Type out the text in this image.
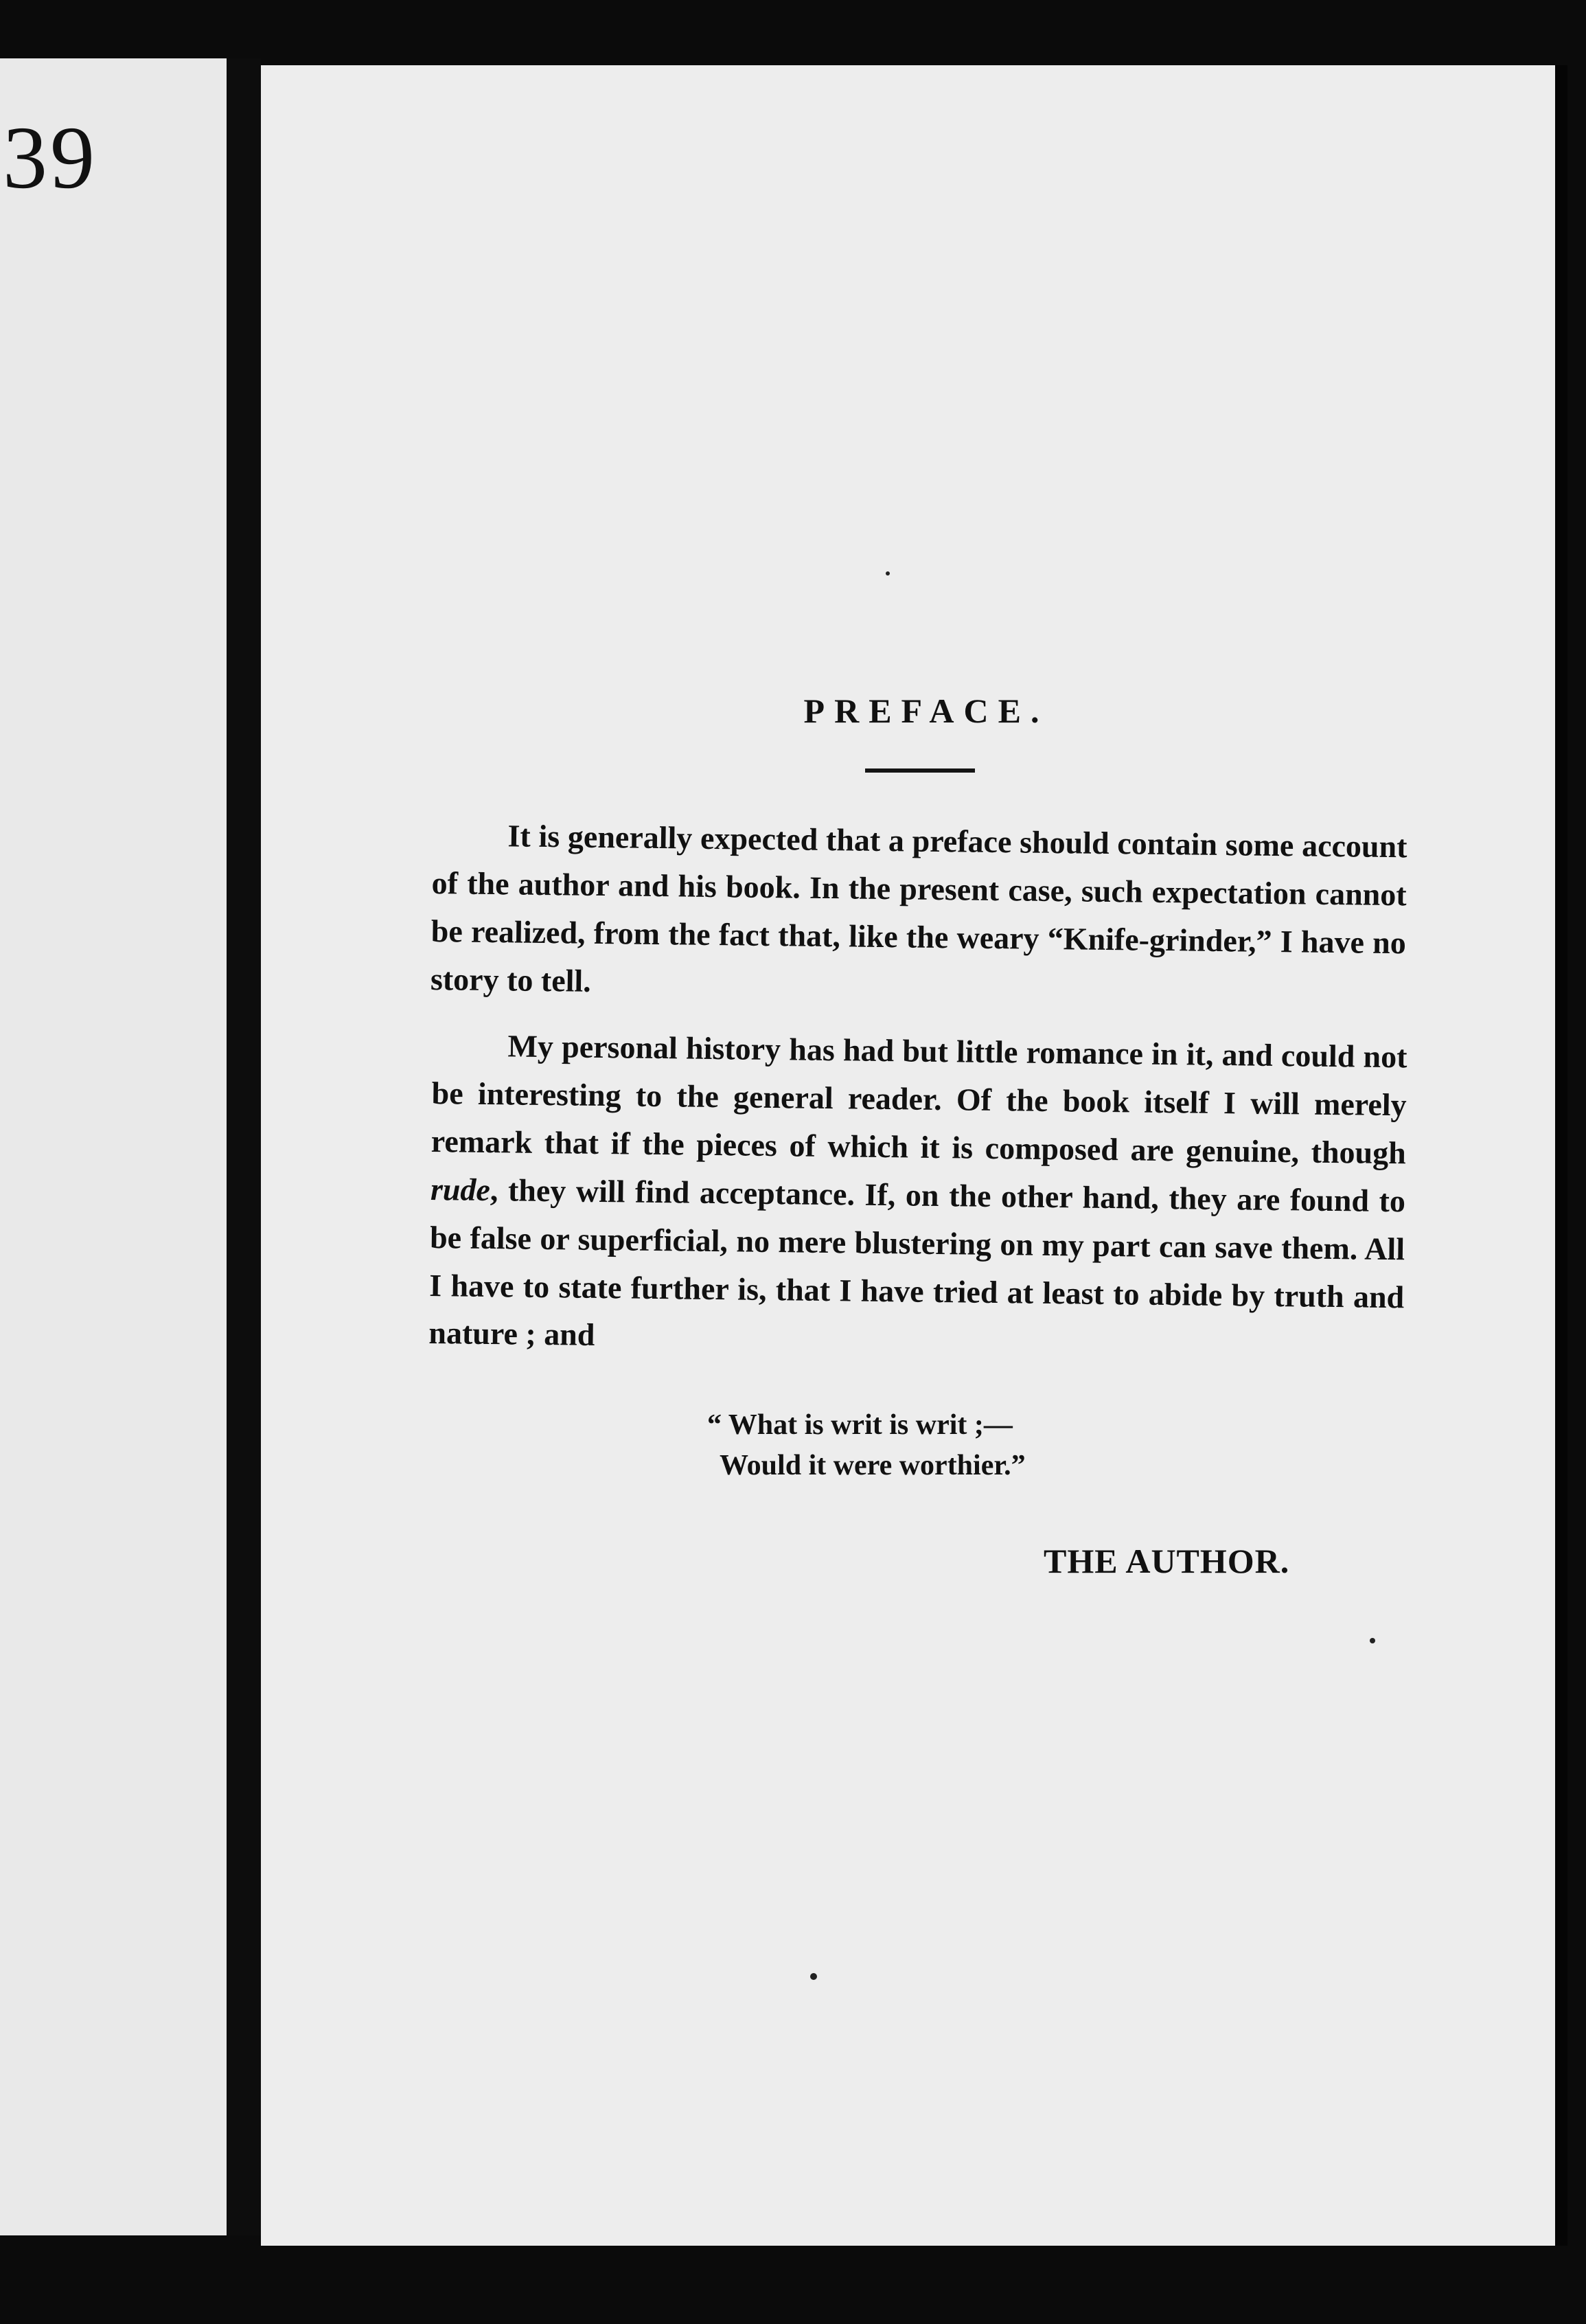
39
PREFACE.

It is generally expected that a preface should contain some account of the author and his book. In the present case, such expectation cannot be realized, from the fact that, like the weary “Knife-grinder,” I have no story to tell.

My personal history has had but little romance in it, and could not be interesting to the general reader. Of the book itself I will merely remark that if the pieces of which it is composed are genuine, though rude, they will find acceptance. If, on the other hand, they are found to be false or superficial, no mere blustering on my part can save them. All I have to state further is, that I have tried at least to abide by truth and nature ; and

“ What is writ is writ ;—
Would it were worthier.”
THE AUTHOR.
